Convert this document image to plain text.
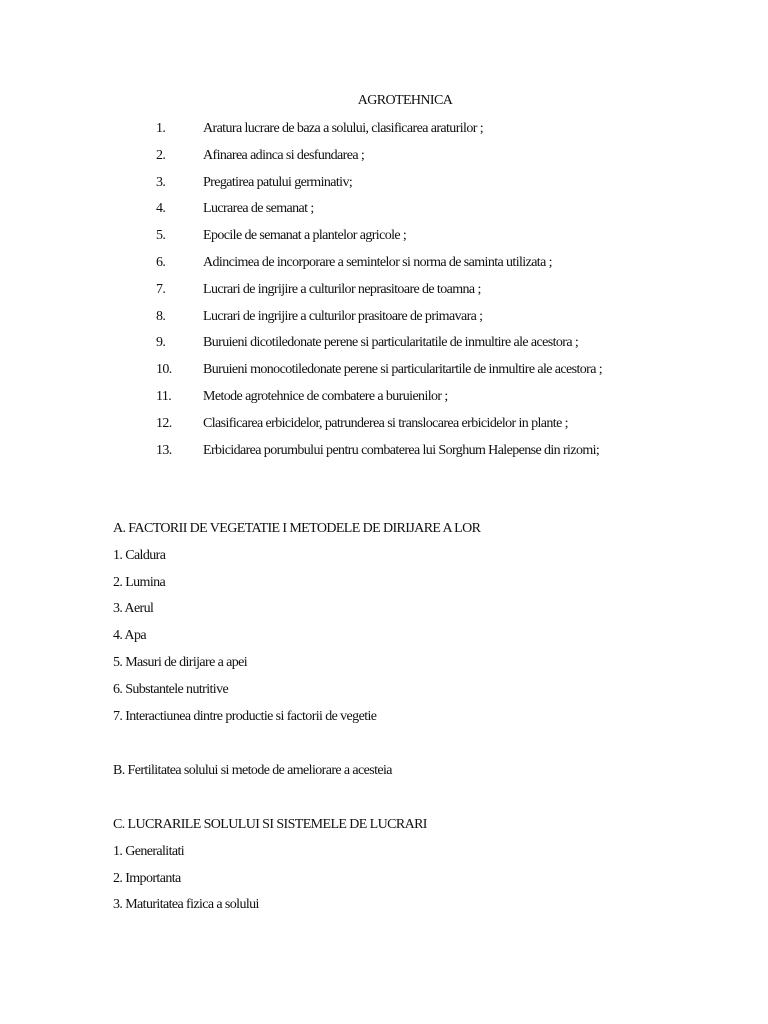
AGROTEHNICA
1.	Aratura lucrare de baza a solului, clasificarea araturilor ;
2.	Afinarea adinca si desfundarea ;
3.	Pregatirea patului germinativ;
4.	Lucrarea de semanat ;
5.	Epocile de semanat a plantelor agricole ;
6.	Adincimea de incorporare a semintelor si norma de saminta utilizata ;
7.	Lucrari de ingrijire a culturilor neprasitoare de toamna ;
8.	Lucrari de ingrijire a culturilor prasitoare de primavara ;
9.	Buruieni dicotiledonate perene si particularitatile de inmultire ale acestora ;
10. Buruieni monocotiledonate perene si particularitartile de inmultire ale acestora ;
11. Metode agrotehnice de combatere a buruienilor ;
12. Clasificarea erbicidelor, patrunderea si translocarea erbicidelor in plante ;
13. Erbicidarea porumbului pentru combaterea lui Sorghum Halepense din rizomi;
A. FACTORII DE VEGETATIE I METODELE DE DIRIJARE A LOR
1. Caldura
2. Lumina
3. Aerul
4. Apa
5. Masuri de dirijare a apei
6. Substantele nutritive
7. Interactiunea dintre productie si factorii de vegetie
B. Fertilitatea solului si metode de ameliorare a acesteia
C. LUCRARILE SOLULUI SI SISTEMELE DE LUCRARI
1. Generalitati
2. Importanta
3. Maturitatea fizica a solului
